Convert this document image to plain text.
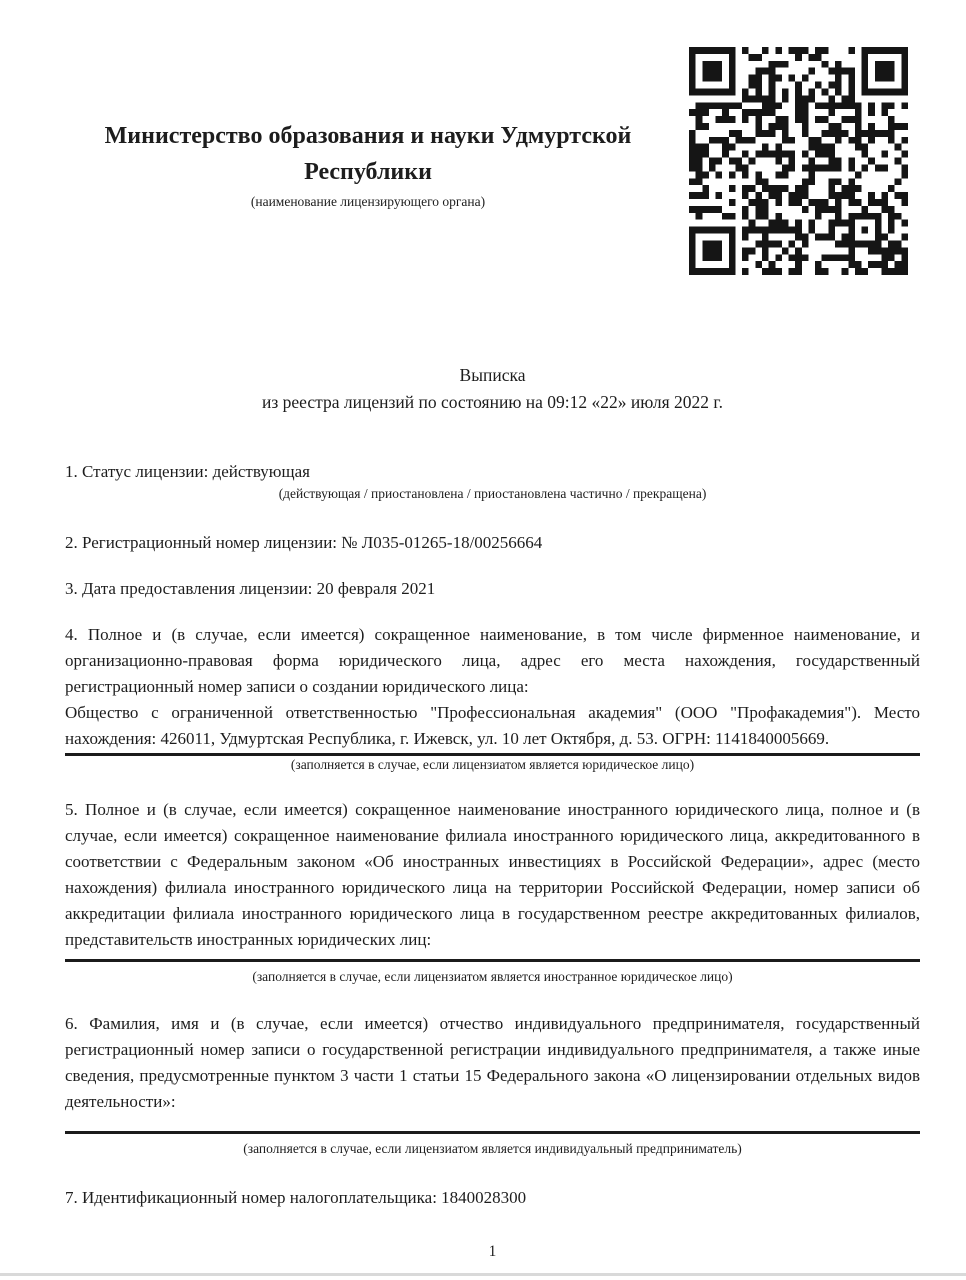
Министерство образования и науки Удмуртской
Республики
(наименование лицензирующего органа)
Выписка
из реестра лицензий по состоянию на 09:12 «22» июля 2022 г.
1. Статус лицензии: действующая
(действующая / приостановлена / приостановлена частично / прекращена)
2. Регистрационный номер лицензии: № Л035-01265-18/00256664
3. Дата предоставления лицензии: 20 февраля 2021

4. Полное и (в случае, если имеется) сокращенное наименование, в том числе фирменное наименование, и организационно-правовая форма юридического лица, адрес его места нахождения, государственный регистрационный номер записи о создании юридического лица:

Общество с ограниченной ответственностью "Профессиональная академия" (ООО "Профакадемия"). Место нахождения: 426011, Удмуртская Республика, г. Ижевск, ул. 10 лет Октября, д. 53. ОГРН: 1141840005669.

(заполняется в случае, если лицензиатом является юридическое лицо)

5. Полное и (в случае, если имеется) сокращенное наименование иностранного юридического лица, полное и (в случае, если имеется) сокращенное наименование филиала иностранного юридического лица, аккредитованного в соответствии с Федеральным законом «Об иностранных инвестициях в Российской Федерации», адрес (место нахождения) филиала иностранного юридического лица на территории Российской Федерации, номер записи об аккредитации филиала иностранного юридического лица в государственном реестре аккредитованных филиалов, представительств иностранных юридических лиц:

(заполняется в случае, если лицензиатом является иностранное юридическое лицо)

6. Фамилия, имя и (в случае, если имеется) отчество индивидуального предпринимателя, государственный регистрационный номер записи о государственной регистрации индивидуального предпринимателя, а также иные сведения, предусмотренные пунктом 3 части 1 статьи 15 Федерального закона «О лицензировании отдельных видов деятельности»:

(заполняется в случае, если лицензиатом является индивидуальный предприниматель)
7. Идентификационный номер налогоплательщика: 1840028300
1
